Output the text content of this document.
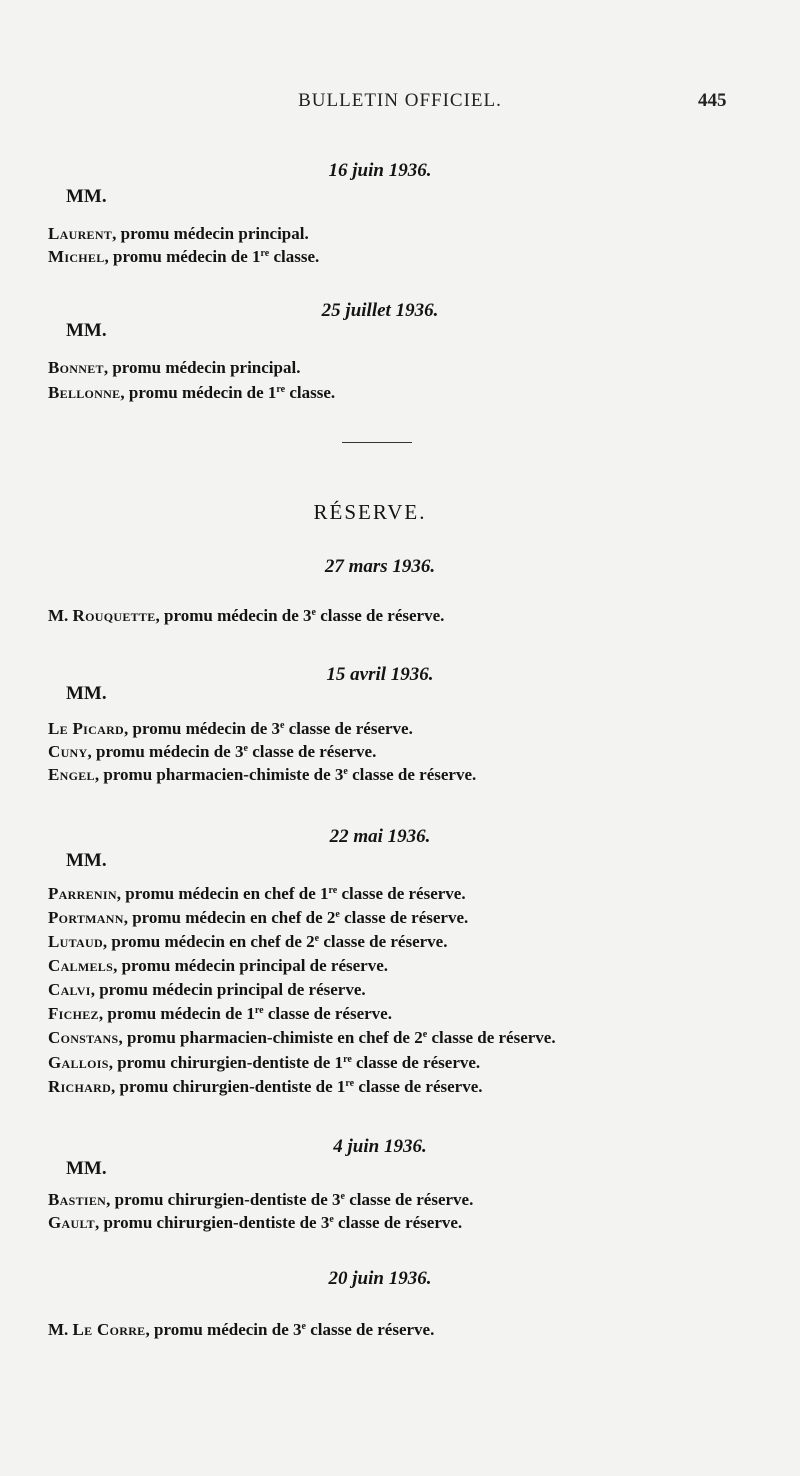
BULLETIN OFFICIEL.	445
16 juin 1936.
MM.
Laurent, promu médecin principal.
Michel, promu médecin de 1re classe.
25 juillet 1936.
MM.
Bonnet, promu médecin principal.
Bellonne, promu médecin de 1re classe.
RÉSERVE.
27 mars 1936.
M. Rouquette, promu médecin de 3e classe de réserve.
15 avril 1936.
MM.
Le Picard, promu médecin de 3e classe de réserve.
Cuny, promu médecin de 3e classe de réserve.
Engel, promu pharmacien-chimiste de 3e classe de réserve.
22 mai 1936.
MM.
Parrenin, promu médecin en chef de 1re classe de réserve.
Portmann, promu médecin en chef de 2e classe de réserve.
Lutaud, promu médecin en chef de 2e classe de réserve.
Calmels, promu médecin principal de réserve.
Calvi, promu médecin principal de réserve.
Fichez, promu médecin de 1re classe de réserve.
Constans, promu pharmacien-chimiste en chef de 2e classe de réserve.
Gallois, promu chirurgien-dentiste de 1re classe de réserve.
Richard, promu chirurgien-dentiste de 1re classe de réserve.
4 juin 1936.
MM.
Bastien, promu chirurgien-dentiste de 3e classe de réserve.
Gault, promu chirurgien-dentiste de 3e classe de réserve.
20 juin 1936.
M. Le Corre, promu médecin de 3e classe de réserve.
